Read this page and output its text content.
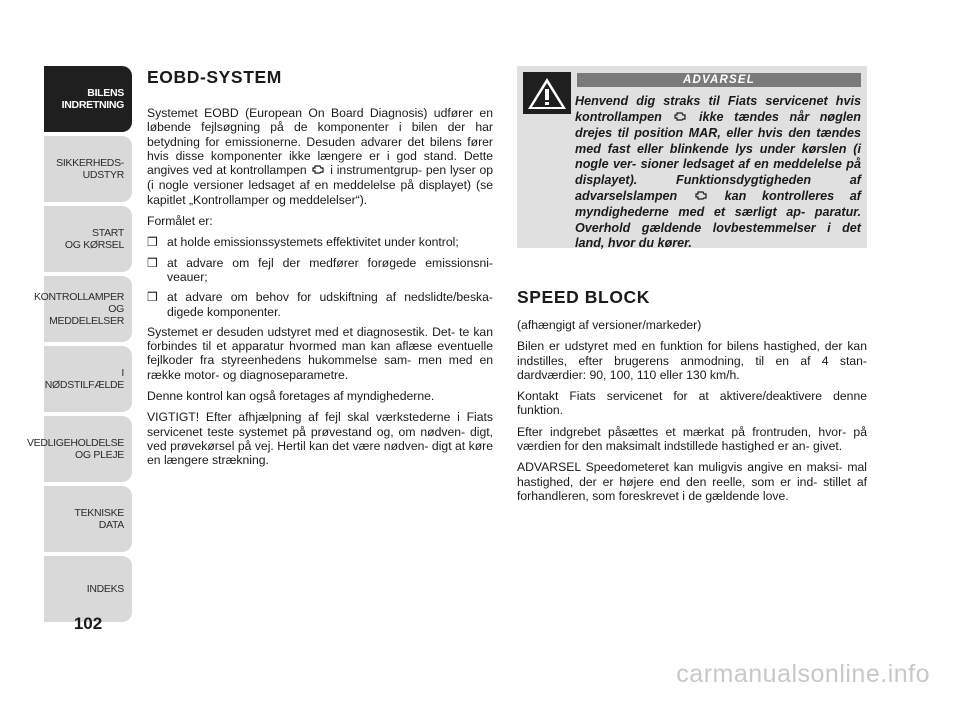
BILENS
INDRETNING
SIKKERHEDS-
UDSTYR
START
OG KØRSEL
KONTROLLAMPER
OG MEDDELELSER
I NØDSTILFÆLDE
VEDLIGEHOLDELSE
OG PLEJE
TEKNISKE DATA
INDEKS
102
EOBD-SYSTEM

Systemet EOBD (European On Board Diagnosis) udfører en løbende fejlsøgning på de komponenter i bilen der har betydning for emissionerne. Desuden advarer det bilens fører hvis disse komponenter ikke længere er i god stand. Dette angives ved at kontrollampen i instrumentgrup- pen lyser op (i nogle versioner ledsaget af en meddelelse på displayet) (se kapitlet „Kontrollamper og meddelelser“).

Formålet er:

❒ at holde emissionssystemets effektivitet under kontrol;
❒ at advare om fejl der medfører forøgede emissionsni- veauer;
❒ at advare om behov for udskiftning af nedslidte/beska- digede komponenter.

Systemet er desuden udstyret med et diagnosestik. Det- te kan forbindes til et apparatur hvormed man kan aflæse eventuelle fejlkoder fra styreenhedens hukommelse sam- men med en række motor- og diagnoseparametre.

Denne kontrol kan også foretages af myndighederne.

VIGTIGT! Efter afhjælpning af fejl skal værkstederne i Fiats servicenet teste systemet på prøvestand og, om nødven- digt, ved prøvekørsel på vej. Hertil kan det være nødven- digt at køre en længere strækning.

ADVARSEL
Henvend dig straks til Fiats servicenet hvis kontrollampen	ikke tændes når nøglen drejes til position MAR, eller hvis den tændes med fast eller blinkende lys under kørslen (i nogle ver- sioner ledsaget af en meddelelse på displayet). Funktionsdygtigheden af advarselslampen	kan kontrolleres af myndighederne med et særligt ap- paratur. Overhold gældende lovbestemmelser i det land, hvor du kører.
SPEED BLOCK

(afhængigt af versioner/markeder)

Bilen er udstyret med en funktion for bilens hastighed, der kan indstilles, efter brugerens anmodning, til en af 4 stan- dardværdier: 90, 100, 110 eller 130 km/h.

Kontakt Fiats servicenet for at aktivere/deaktivere denne funktion.

Efter indgrebet påsættes et mærkat på frontruden, hvor- på værdien for den maksimalt indstillede hastighed er an- givet.

ADVARSEL Speedometeret kan muligvis angive en maksi- mal hastighed, der er højere end den reelle, som er ind- stillet af forhandleren, som foreskrevet i de gældende love.

carmanualsonline.info
